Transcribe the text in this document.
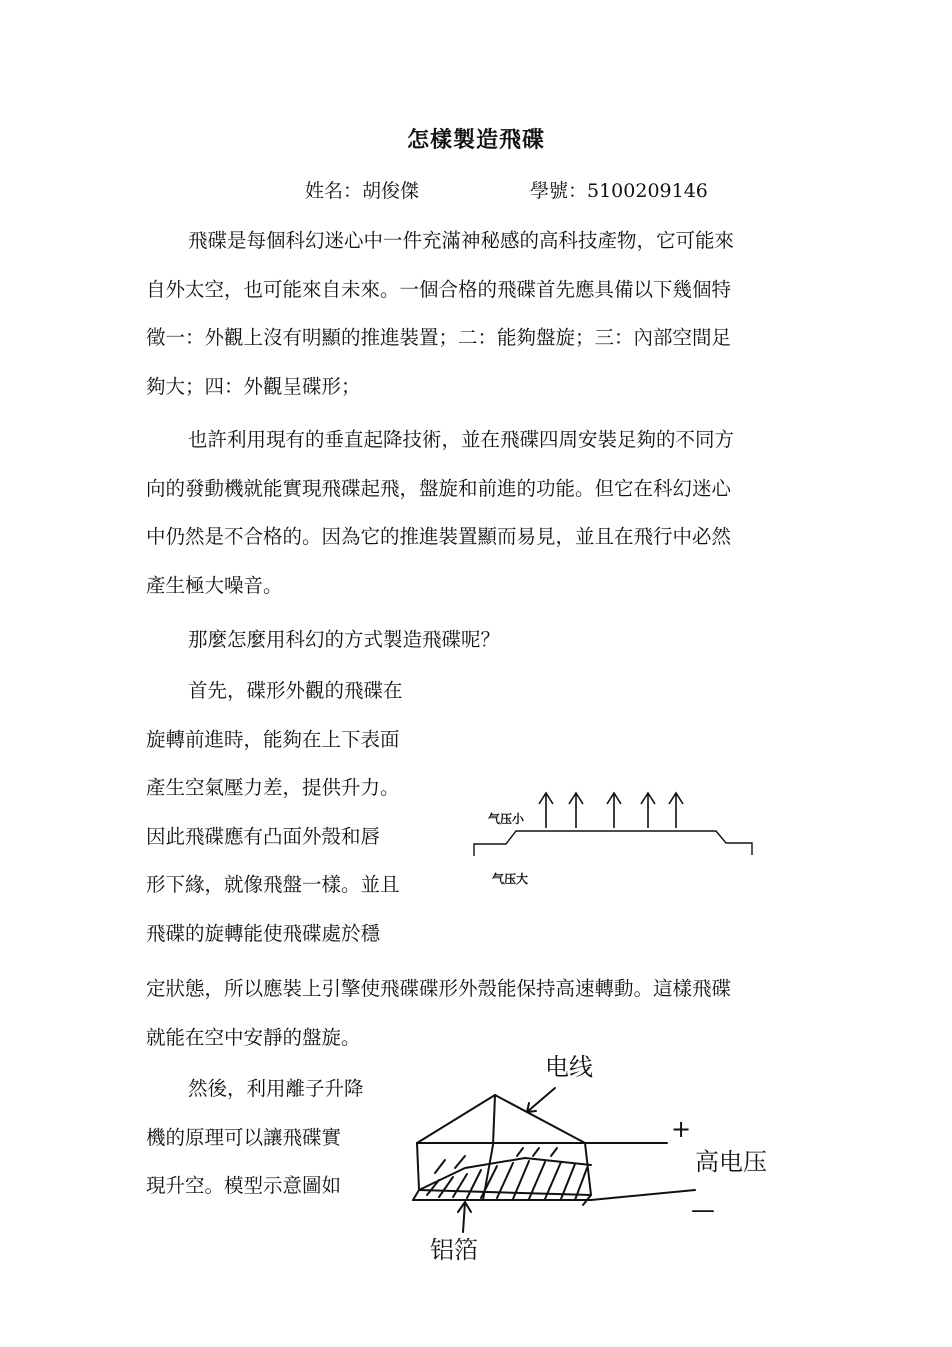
怎樣製造飛碟
姓名：胡俊傑	學號：5100209146
飛碟是每個科幻迷心中一件充滿神秘感的高科技產物，它可能來
自外太空，也可能來自未來。一個合格的飛碟首先應具備以下幾個特
徵一：外觀上沒有明顯的推進裝置；二：能夠盤旋；三：內部空間足
夠大；四：外觀呈碟形；
也許利用現有的垂直起降技術，並在飛碟四周安裝足夠的不同方
向的發動機就能實現飛碟起飛，盤旋和前進的功能。但它在科幻迷心
中仍然是不合格的。因為它的推進裝置顯而易見，並且在飛行中必然
產生極大噪音。
那麼怎麼用科幻的方式製造飛碟呢？
首先，碟形外觀的飛碟在
旋轉前進時，能夠在上下表面
產生空氣壓力差，提供升力。
因此飛碟應有凸面外殼和唇
形下緣，就像飛盤一樣。並且
飛碟的旋轉能使飛碟處於穩
定狀態，所以應裝上引擎使飛碟碟形外殼能保持高速轉動。這樣飛碟
就能在空中安靜的盤旋。
然後，利用離子升降
機的原理可以讓飛碟實
現升空。模型示意圖如
气压小
气压大
电线
+
高电压
—
铝箔
